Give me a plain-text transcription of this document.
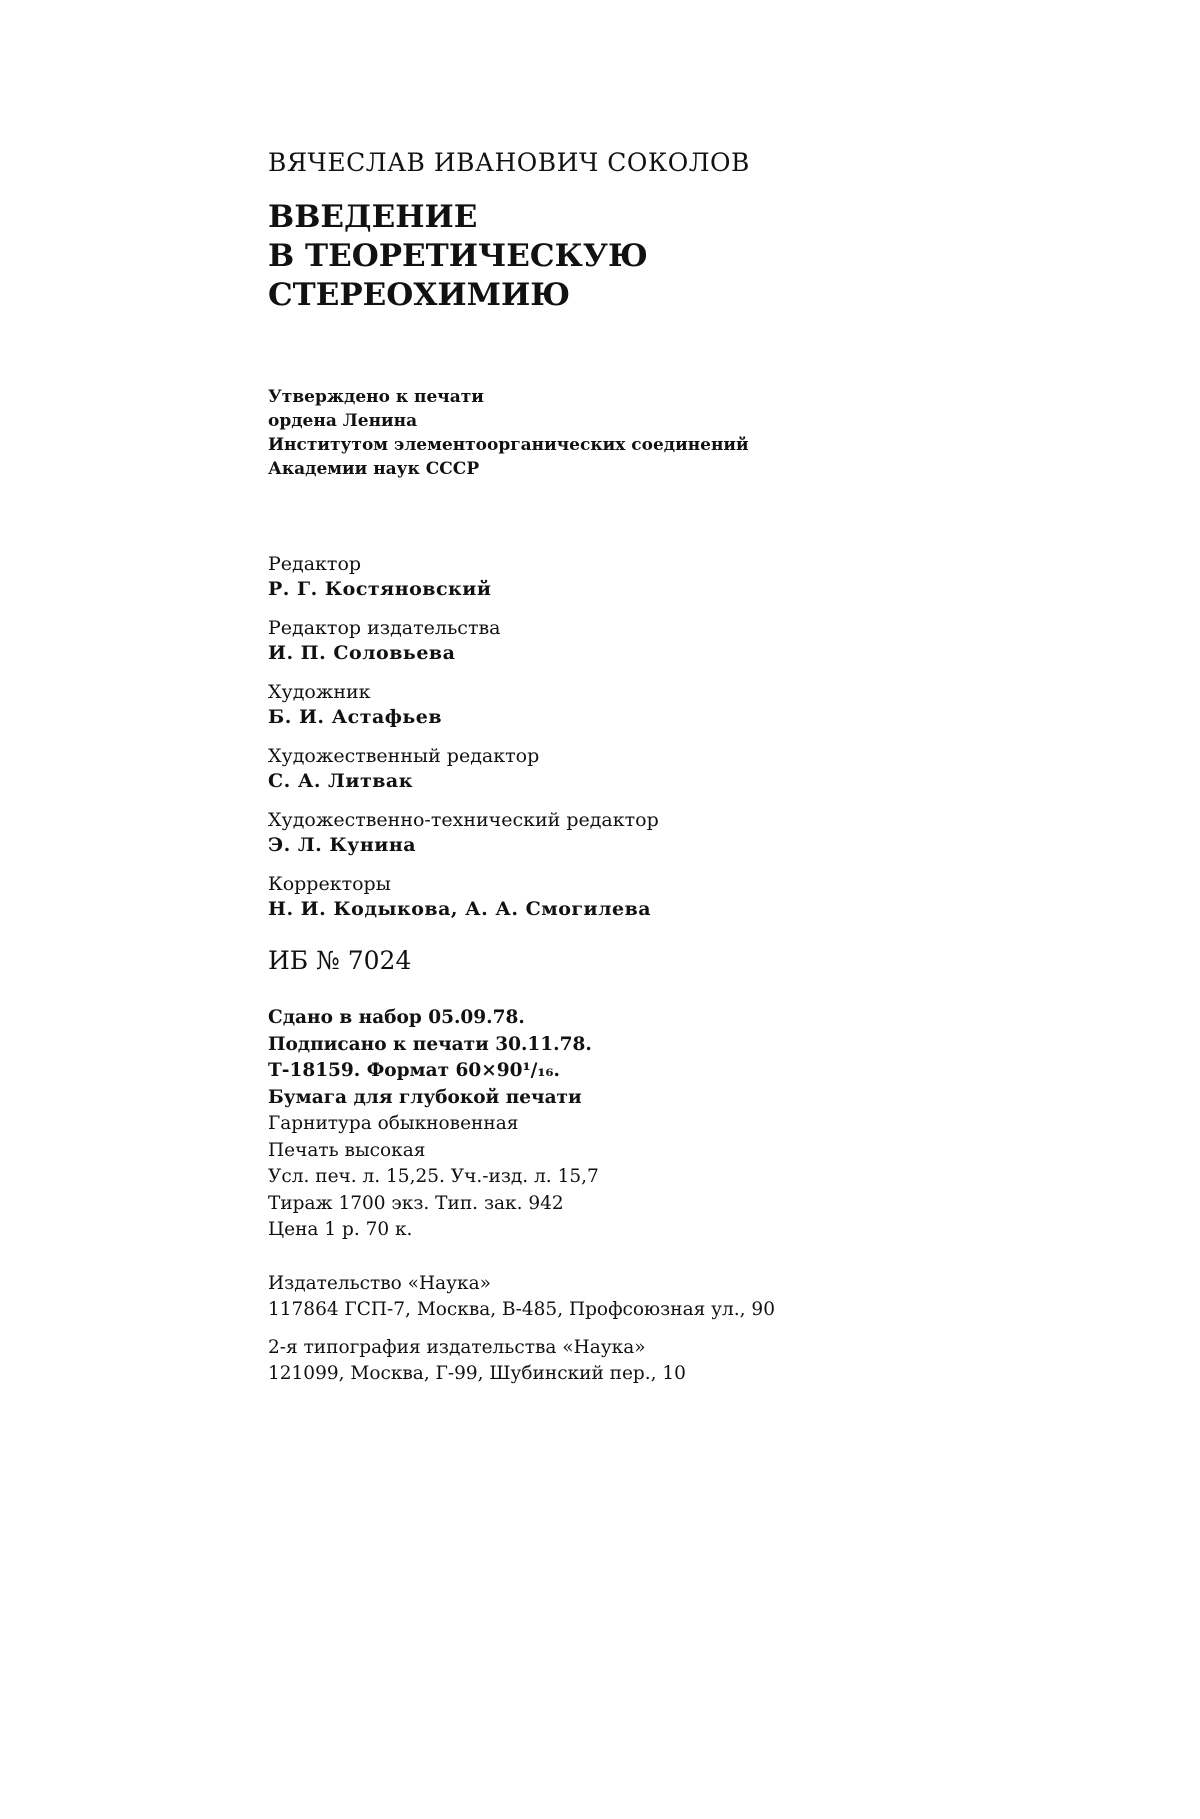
ВЯЧЕСЛАВ ИВАНОВИЧ СОКОЛОВ

ВВЕДЕНИЕ

В ТЕОРЕТИЧЕСКУЮ

СТЕРЕОХИМИЮ

Утверждено к печати

ордена Ленина

Институтом элементоорганических соединений

Академии наук СССР

Редактор

Р. Г. Костяновский

Редактор издательства

И. П. Соловьева

Художник

Б. И. Астафьев

Художественный редактор

С. А. Литвак

Художественно-технический редактор

Э. Л. Кунина

Корректоры

Н. И. Кодыкова, А. А. Смогилева

ИБ № 7024

Сдано в набор 05.09.78.

Подписано к печати 30.11.78.

Т-18159. Формат 60×90¹/₁₆.

Бумага для глубокой печати

Гарнитура обыкновенная

Печать высокая

Усл. печ. л. 15,25. Уч.-изд. л. 15,7

Тираж 1700 экз. Тип. зак. 942

Цена 1 р. 70 к.

Издательство «Наука»

117864 ГСП-7, Москва, В-485, Профсоюзная ул., 90

2-я типография издательства «Наука»

121099, Москва, Г-99, Шубинский пер., 10
